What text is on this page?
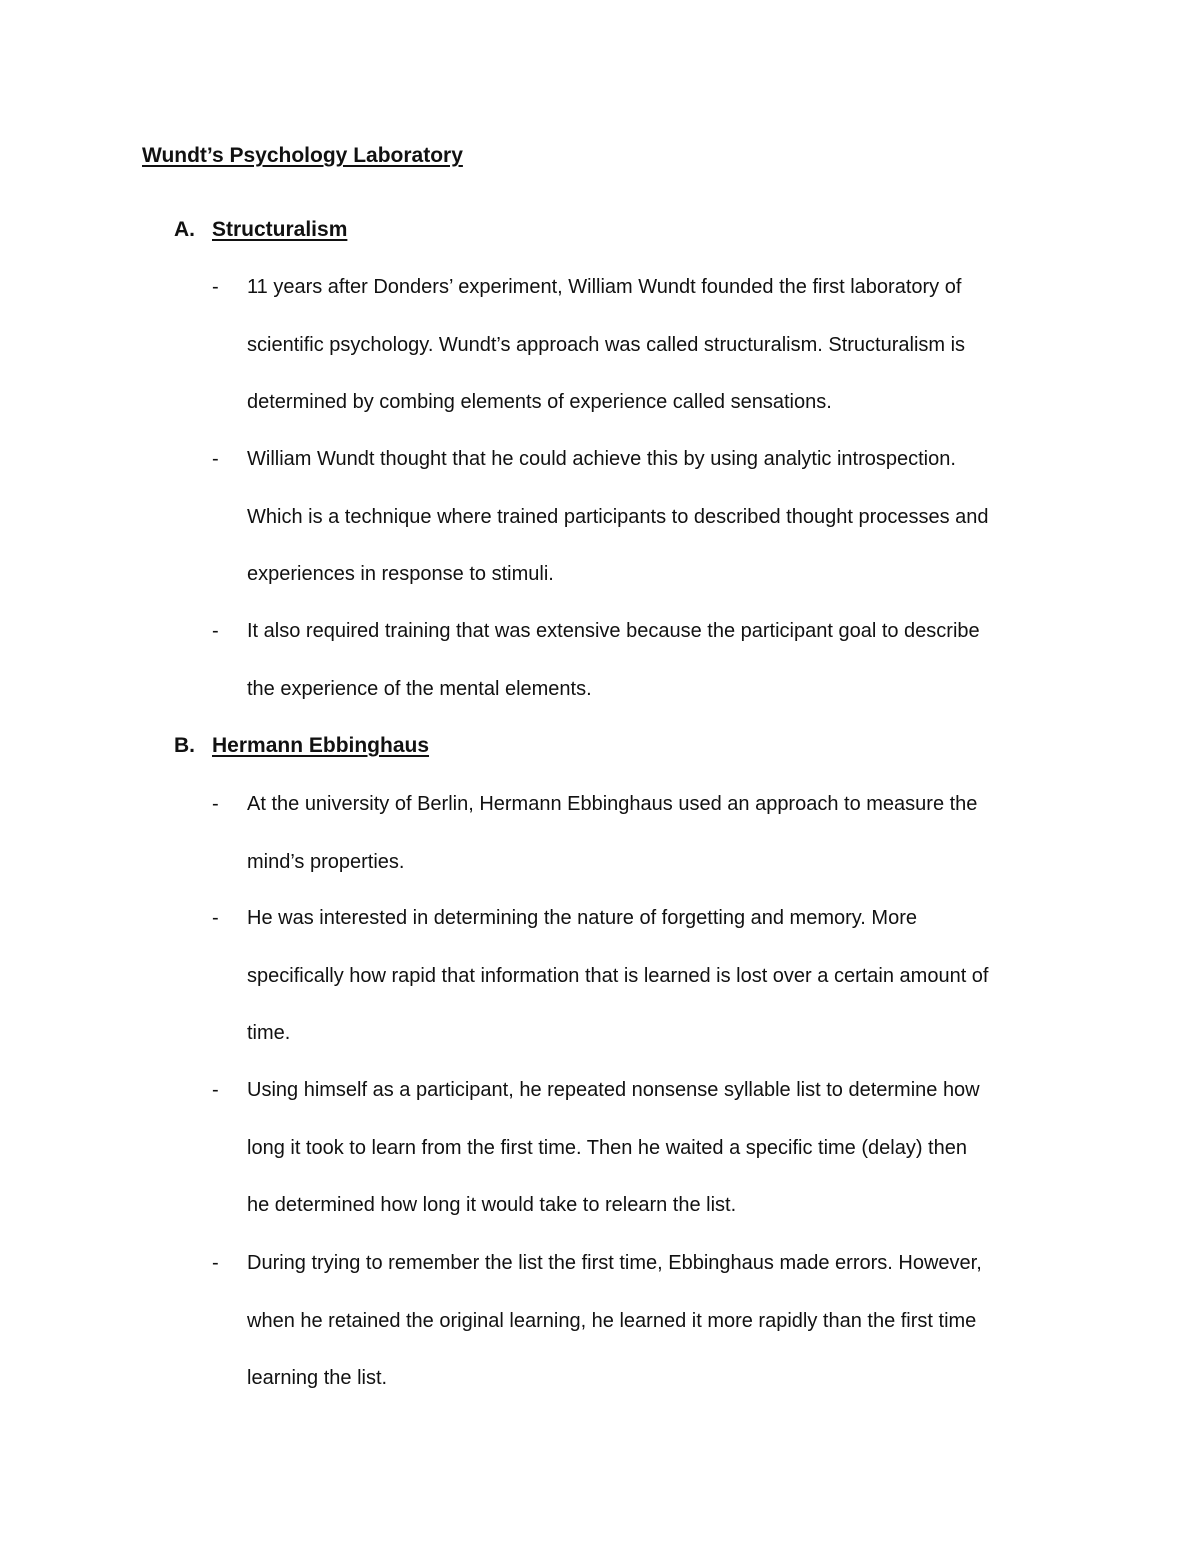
Wundt’s Psychology Laboratory
A. Structuralism
-	11 years after Donders’ experiment, William Wundt founded the first laboratory of
scientific psychology. Wundt’s approach was called structuralism. Structuralism is
determined by combing elements of experience called sensations.
-	William Wundt thought that he could achieve this by using analytic introspection.
Which is a technique where trained participants to described thought processes and
experiences in response to stimuli.
-	It also required training that was extensive because the participant goal to describe
the experience of the mental elements.
B. Hermann Ebbinghaus
-	At the university of Berlin, Hermann Ebbinghaus used an approach to measure the
mind’s properties.
-	He was interested in determining the nature of forgetting and memory. More
specifically how rapid that information that is learned is lost over a certain amount of
time.
-	Using himself as a participant, he repeated nonsense syllable list to determine how
long it took to learn from the first time. Then he waited a specific time (delay) then
he determined how long it would take to relearn the list.
-	During trying to remember the list the first time, Ebbinghaus made errors. However,
when he retained the original learning, he learned it more rapidly than the first time
learning the list.
